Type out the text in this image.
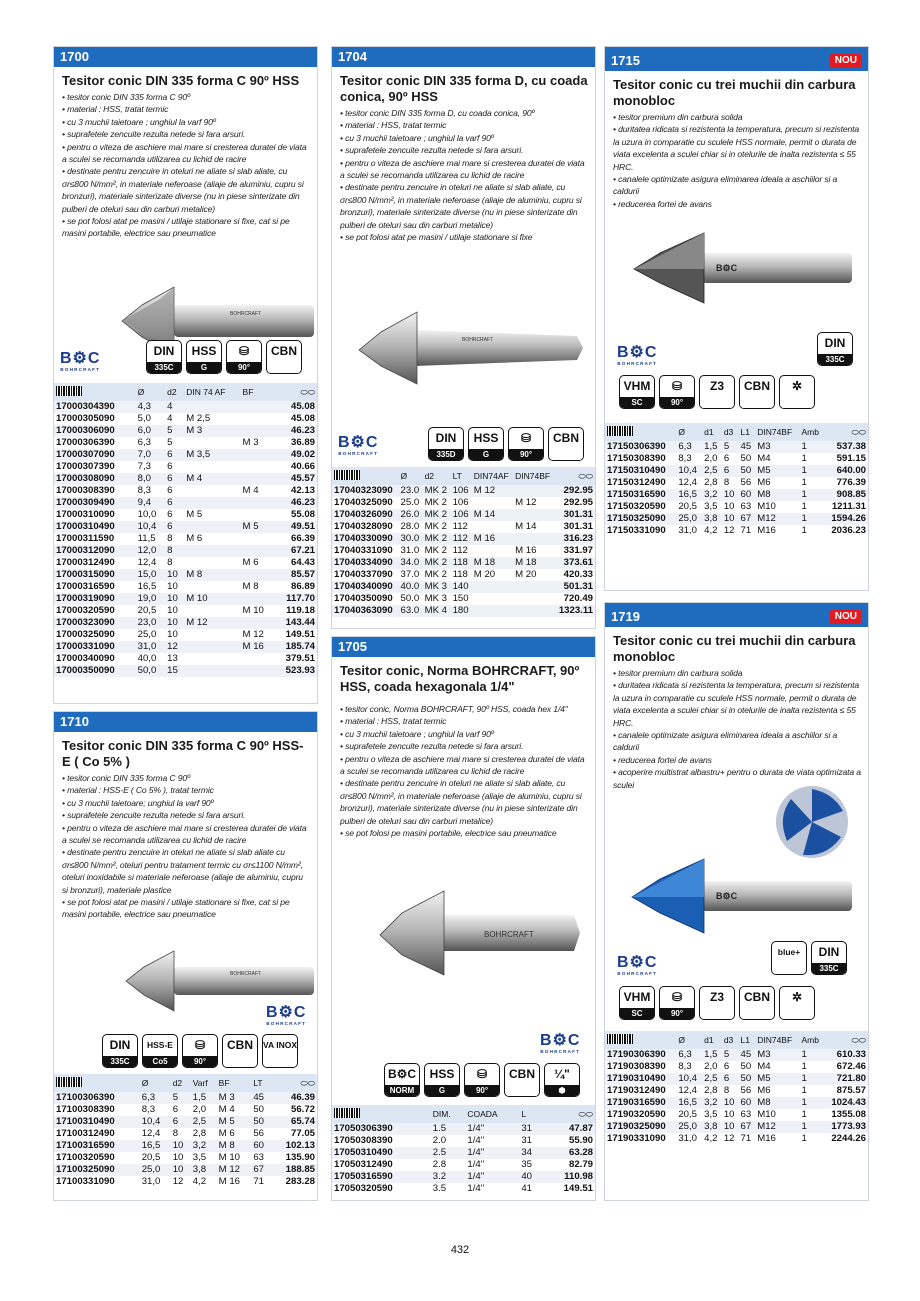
1700
Tesitor conic DIN 335 forma C 90º HSS
• tesitor conic DIN 335 forma C 90º
• material : HSS, tratat termic
• cu 3 muchii taietoare ; unghiul la varf 90º
• suprafetele zencuite rezulta netede si fara arsuri.
• pentru o viteza de aschiere mai mare si cresterea duratei de viata a sculei se recomanda utilizarea cu lichid de racire
• destinate pentru zencuire in oteluri ne aliate si slab aliate, cu σr≤800 N/mm², in materiale neferoase (aliaje de aluminiu, cupru si bronzuri), materiale sinterizate diverse (nu in piese sinterizate din pulberi de oteluri sau din carburi metalice)
• se pot folosi atat pe masini / utilaje stationare si fixe, cat si pe masini portabile, electrice sau pneumatice
BOHRCRAFT
B⚙C
BOHRCRAFT
DIN
335C
HSS
G
⛁
90°
CBN
	Ø	d2	DIN 74 AF	BF	⬭⬭
17000304390	4,3	4			45.08
17000305090	5,0	4	M 2,5		45.08
17000306090	6,0	5	M 3		46.23
17000306390	6,3	5		M 3	36.89
17000307090	7,0	6	M 3,5		49.02
17000307390	7,3	6			40.66
17000308090	8,0	6	M 4		45.57
17000308390	8,3	6		M 4	42.13
17000309490	9,4	6			46.23
17000310090	10,0	6	M 5		55.08
17000310490	10,4	6		M 5	49.51
17000311590	11,5	8	M 6		66.39
17000312090	12,0	8			67.21
17000312490	12,4	8		M 6	64.43
17000315090	15,0	10	M 8		85.57
17000316590	16,5	10		M 8	86.89
17000319090	19,0	10	M 10		117.70
17000320590	20,5	10		M 10	119.18
17000323090	23,0	10	M 12		143.44
17000325090	25,0	10		M 12	149.51
17000331090	31,0	12		M 16	185.74
17000340090	40,0	13			379.51
17000350090	50,0	15			523.93
1710
Tesitor conic DIN 335 forma C 90º HSS-E ( Co 5% )
• tesitor conic DIN 335 forma C 90º
• material : HSS-E ( Co 5% ), tratat termic
• cu 3 muchii taietoare; unghiul la varf 90º
• suprafetele zencuite rezulta netede si fara arsuri.
• pentru o viteza de aschiere mai mare si cresterea duratei de viata a sculei se recomanda utilizarea cu lichid de racire
• destinate pentru zencuire in oteluri ne aliate si slab aliate cu σr≤800 N/mm², oteluri pentru tratament termic cu σr≤1100 N/mm², oteluri inoxidabile si materiale neferoase (aliaje de aluminiu, cupru si bronzuri), materiale plastice
• se pot folosi atat pe masini / utilaje stationare si fixe, cat si pe masini portabile, electrice sau pneumatice
BOHRCRAFT
B⚙C
BOHRCRAFT
DIN
335C
HSS-E
Co5
⛁
90°
CBN	VA INOX
	Ø	d2	Varf	BF	LT	⬭⬭
17100306390	6,3	5	1,5	M 3	45	46.39
17100308390	8,3	6	2,0	M 4	50	56.72
17100310490	10,4	6	2,5	M 5	50	65.74
17100312490	12,4	8	2,8	M 6	56	77.05
17100316590	16,5	10	3,2	M 8	60	102.13
17100320590	20,5	10	3,5	M 10	63	135.90
17100325090	25,0	10	3,8	M 12	67	188.85
17100331090	31,0	12	4,2	M 16	71	283.28
1704
Tesitor conic DIN 335 forma D, cu coada conica, 90º HSS
• tesitor conic DIN 335 forma D, cu coada conica, 90º
• material : HSS, tratat termic
• cu 3 muchii taietoare ; unghiul la varf 90º
• suprafetele zencuite rezulta netede si fara arsuri.
• pentru o viteza de aschiere mai mare si cresterea duratei de viata a sculei se recomanda utilizarea cu lichid de racire
• destinate pentru zencuire in oteluri ne aliate si slab aliate, cu σr≤800 N/mm², in materiale neferoase (aliaje de aluminiu, cupru si bronzuri), materiale sinterizate diverse (nu in piese sinterizate din pulberi de oteluri sau din carburi metalice)
• se pot folosi atat pe masini / utilaje stationare si fixe
BOHRCRAFT
B⚙C
BOHRCRAFT
DIN
335D
HSS
G
⛁
90°
CBN
	Ø	d2	LT	DIN74AF	DIN74BF	⬭⬭
17040323090	23.0	MK 2	106	M 12		292.95
17040325090	25.0	MK 2	106		M 12	292.95
17040326090	26.0	MK 2	106	M 14		301.31
17040328090	28.0	MK 2	112		M 14	301.31
17040330090	30.0	MK 2	112	M 16		316.23
17040331090	31.0	MK 2	112		M 16	331.97
17040334090	34.0	MK 2	118	M 18	M 18	373.61
17040337090	37.0	MK 2	118	M 20	M 20	420.33
17040340090	40.0	MK 3	140			501.31
17040350090	50.0	MK 3	150			720.49
17040363090	63.0	MK 4	180			1323.11
1705
Tesitor conic, Norma BOHRCRAFT, 90º HSS, coada hexagonala 1/4"
• tesitor conic, Norma BOHRCRAFT, 90º HSS, coada hex 1/4"
• material : HSS, tratat termic
• cu 3 muchii taietoare ; unghiul la varf 90º
• suprafetele zencuite rezulta netede si fara arsuri.
• pentru o viteza de aschiere mai mare si cresterea duratei de viata a sculei se recomanda utilizarea cu lichid de racire
• destinate pentru zencuire in oteluri ne aliate si slab aliate, cu σr≤800 N/mm², in materiale neferoase (aliaje de aluminiu, cupru si bronzuri), materiale sinterizate diverse (nu in piese sinterizate din pulberi de oteluri sau din carburi metalice)
• se pot folosi pe masini portabile, electrice sau pneumatice
BOHRCRAFT
B⚙C
BOHRCRAFT
B⚙C
NORM
HSS
G
⛁
90°
CBN	¼"
⬢
	DIM.	COADA	L	⬭⬭
17050306390	1.5	1/4"	31	47.87
17050308390	2.0	1/4"	31	55.90
17050310490	2.5	1/4"	34	63.28
17050312490	2.8	1/4"	35	82.79
17050316590	3.2	1/4"	40	110.98
17050320590	3.5	1/4"	41	149.51
1715	NOU
Tesitor conic cu trei muchii din carbura monobloc
• tesitor premium din carbura solida
• duritatea ridicata si rezistenta la temperatura, precum si rezistenta la uzura in comparatie cu sculele HSS normale, permit o durata de viata excelenta a sculei chiar si in otelurile de inalta rezistenta ≤ 55 HRC.
• canalele optimizate asigura eliminarea ideala a aschiilor si a caldurii
• reducerea fortei de avans
B⚙C
B⚙C
BOHRCRAFT
DIN
335C
VHM
SC
⛁
90°
Z3	CBN	✲
	Ø	d1	d3	L1	DIN74BF	Amb	⬭⬭
17150306390	6,3	1,5	5	45	M3	1	537.38
17150308390	8,3	2,0	6	50	M4	1	591.15
17150310490	10,4	2,5	6	50	M5	1	640.00
17150312490	12,4	2,8	8	56	M6	1	776.39
17150316590	16,5	3,2	10	60	M8	1	908.85
17150320590	20,5	3,5	10	63	M10	1	1211.31
17150325090	25,0	3,8	10	67	M12	1	1594.26
17150331090	31,0	4,2	12	71	M16	1	2036.23
1719	NOU
Tesitor conic cu trei muchii din carbura monobloc
• tesitor premium din carbura solida
• duritatea ridicata si rezistenta la temperatura, precum si rezistenta la uzura in comparatie cu sculele HSS normale, permit o durata de viata excelenta a sculei chiar si in otelurile de inalta rezistenta ≤ 55 HRC.
• canalele optimizate asigura eliminarea ideala a aschiilor si a caldurii
• reducerea fortei de avans
• acoperire multistrat albastru+ pentru o durata de viata optimizata a sculei
B⚙C
B⚙C
BOHRCRAFT
blue+	DIN
335C
VHM
SC
⛁
90°
Z3	CBN	✲
	Ø	d1	d3	L1	DIN74BF	Amb	⬭⬭
17190306390	6,3	1,5	5	45	M3	1	610.33
17190308390	8,3	2,0	6	50	M4	1	672.46
17190310490	10,4	2,5	6	50	M5	1	721.80
17190312490	12,4	2,8	8	56	M6	1	875.57
17190316590	16,5	3,2	10	60	M8	1	1024.43
17190320590	20,5	3,5	10	63	M10	1	1355.08
17190325090	25,0	3,8	10	67	M12	1	1773.93
17190331090	31,0	4,2	12	71	M16	1	2244.26
432
